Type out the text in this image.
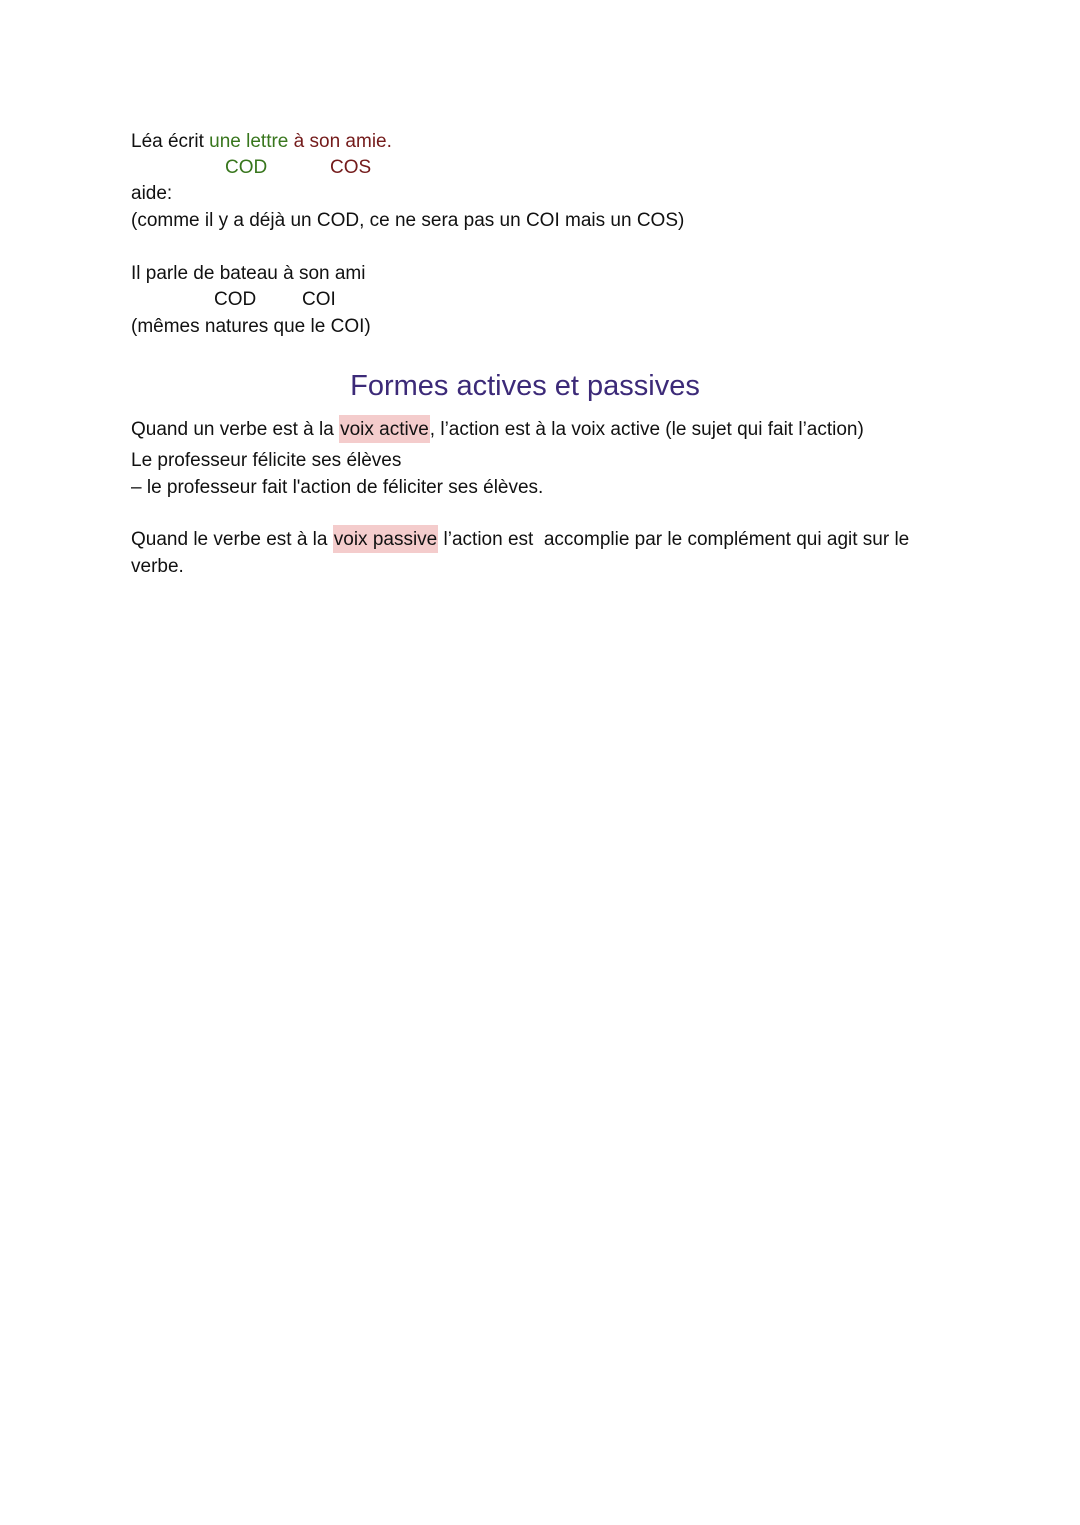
Léa écrit une lettre à son amie.
COD	COS
aide:
(comme il y a déjà un COD, ce ne sera pas un COI mais un COS)
Il parle de bateau à son ami
COD COI
(mêmes natures que le COI)
Formes actives et passives
Quand un verbe est à la voix active, l’action est à la voix active (le sujet qui fait l’action)
Le professeur félicite ses élèves
– le professeur fait l'action de féliciter ses élèves.
Quand le verbe est à la voix passive l’action est  accomplie par le complément qui agit sur le
verbe.
